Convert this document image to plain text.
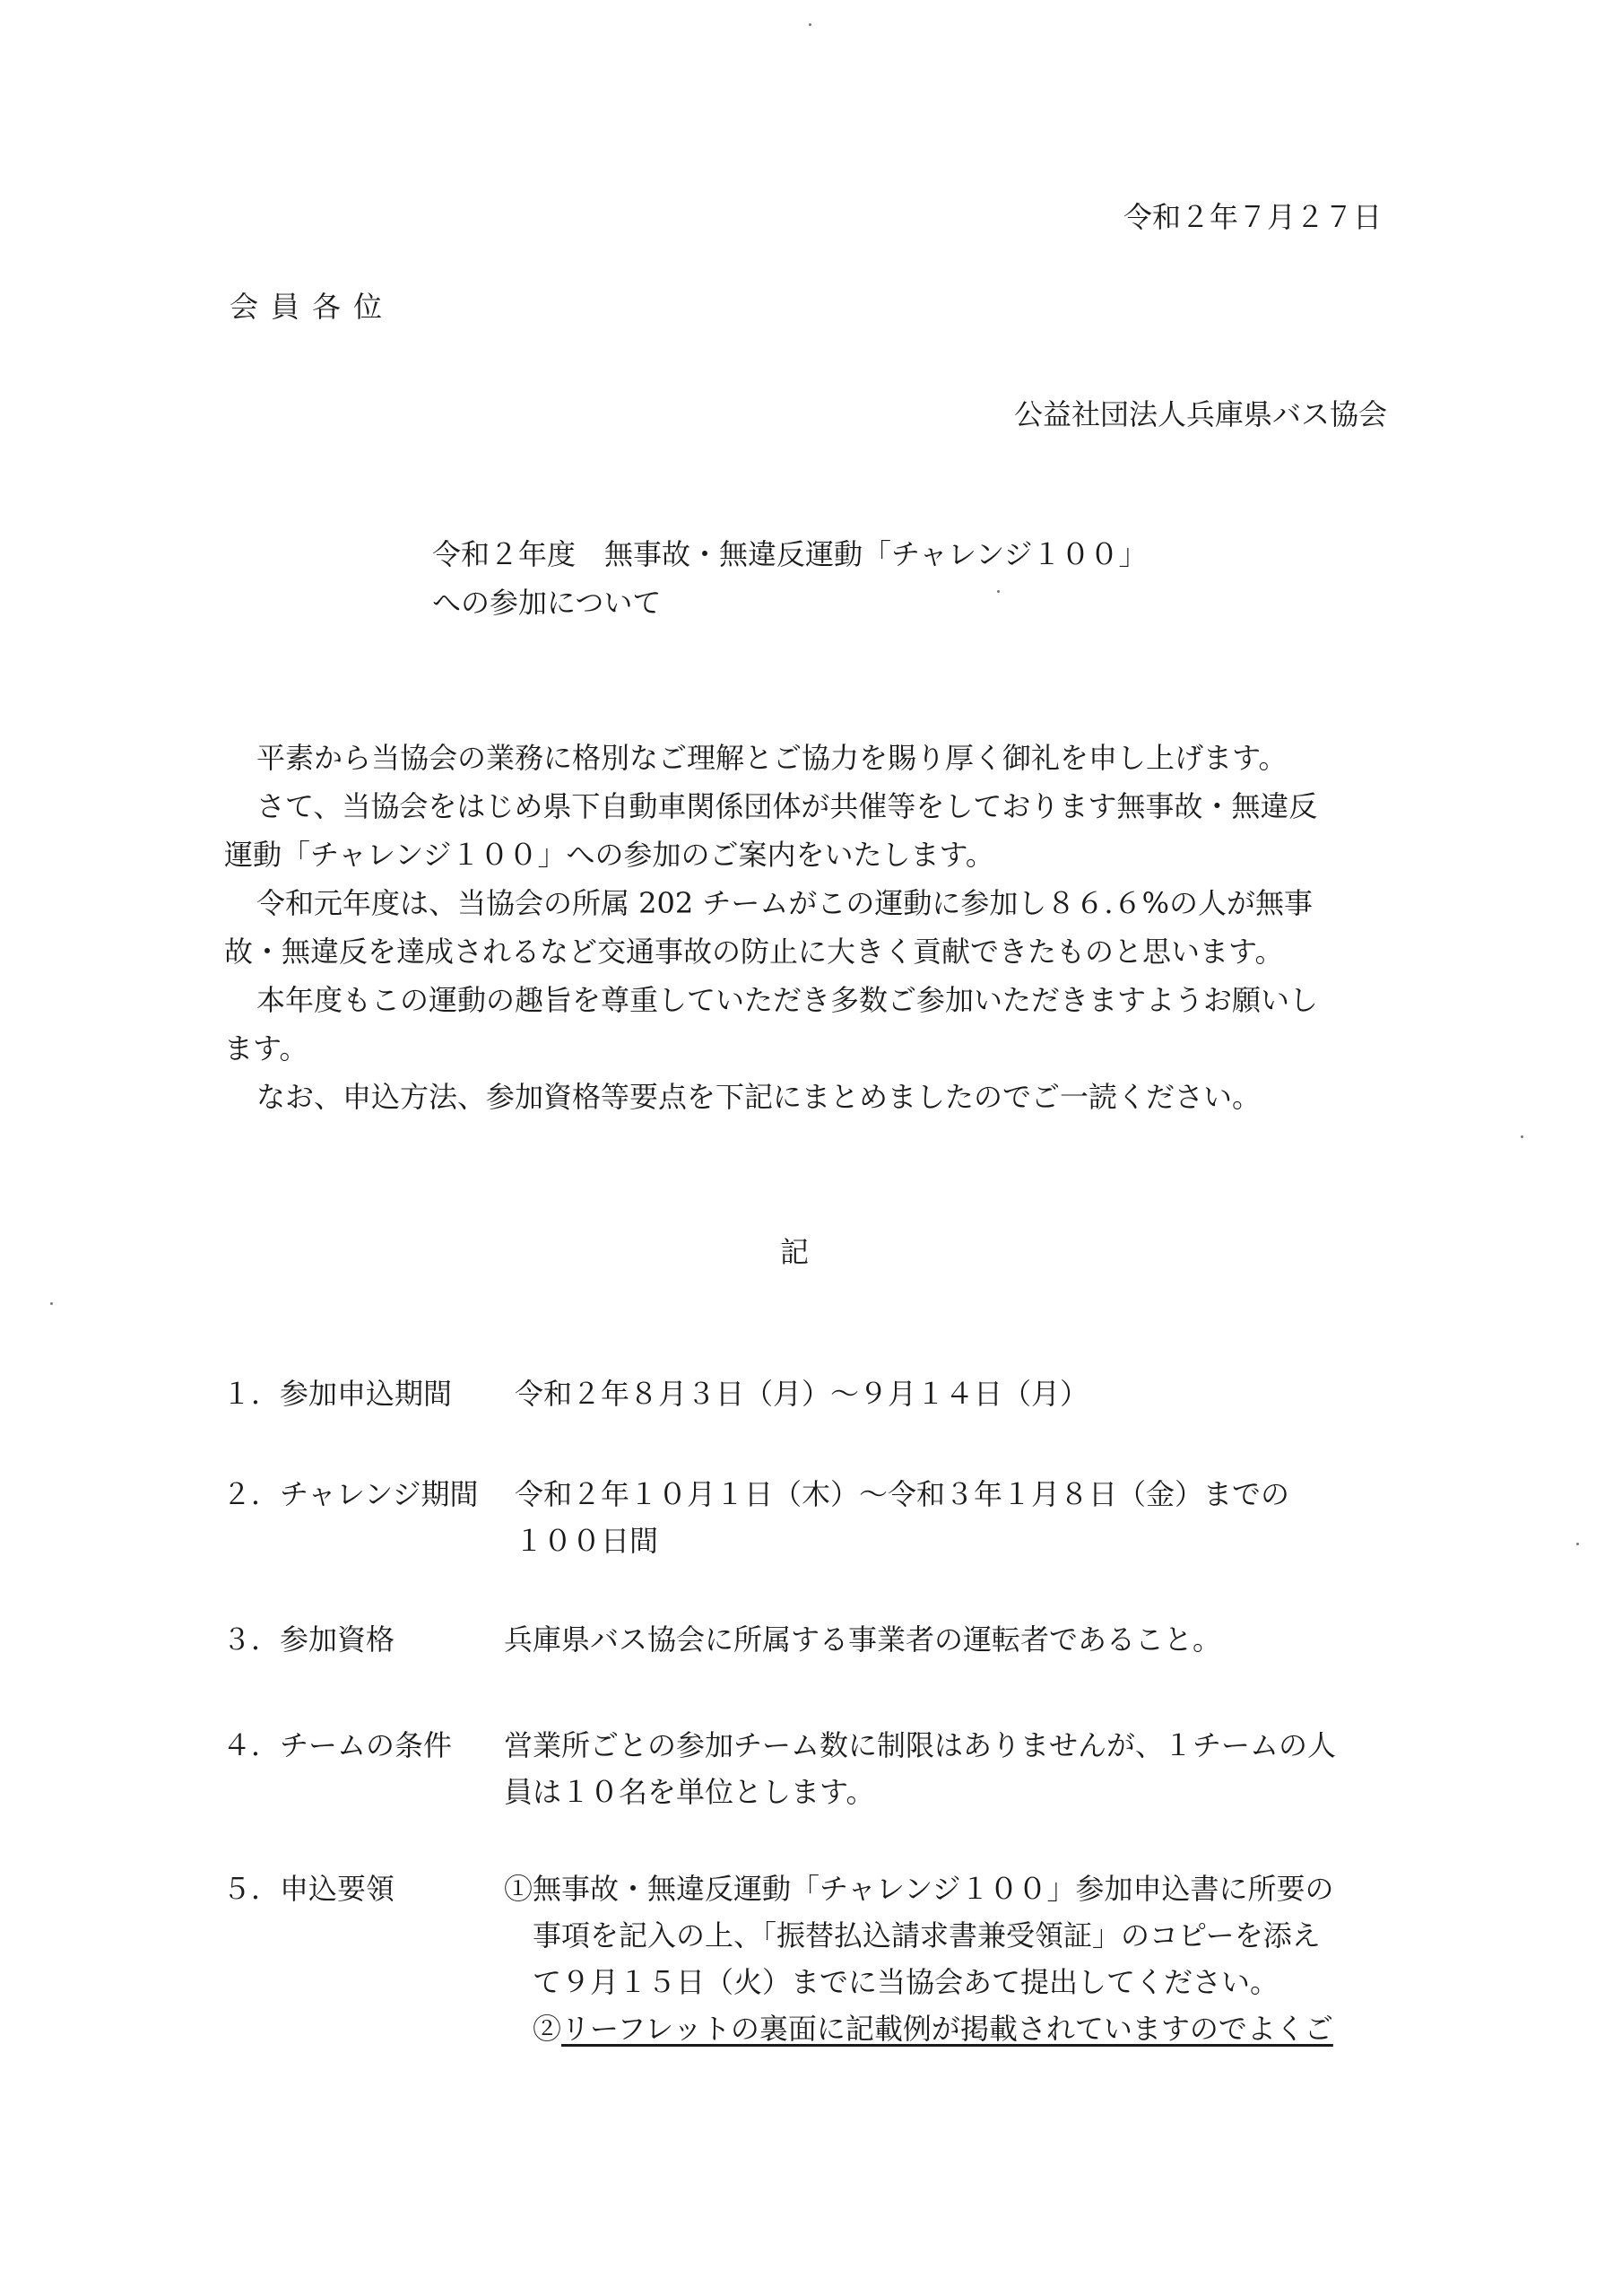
令和２年７月２７日
会員各位
公益社団法人兵庫県バス協会
令和２年度　無事故・無違反運動「チャレンジ１００」
への参加について
平素から当協会の業務に格別なご理解とご協力を賜り厚く御礼を申し上げます。
さて、当協会をはじめ県下自動車関係団体が共催等をしております無事故・無違反
運動「チャレンジ１００」への参加のご案内をいたします。
令和元年度は、当協会の所属 202 チームがこの運動に参加し８６.６%の人が無事
故・無違反を達成されるなど交通事故の防止に大きく貢献できたものと思います。
本年度もこの運動の趣旨を尊重していただき多数ご参加いただきますようお願いし
ます。
なお、申込方法、参加資格等要点を下記にまとめましたのでご一読ください。
記
１．参加申込期間 令和２年８月３日（月）～９月１４日（月）
２．チャレンジ期間 令和２年１０月１日（木）～令和３年１月８日（金）までの
１００日間
３．参加資格	兵庫県バス協会に所属する事業者の運転者であること。
４．チームの条件 営業所ごとの参加チーム数に制限はありませんが、１チームの人
員は１０名を単位とします。
５．申込要領	①無事故・無違反運動「チャレンジ１００」参加申込書に所要の
事項を記入の上、「振替払込請求書兼受領証」のコピーを添え
て９月１５日（火）までに当協会あて提出してください。
②リーフレットの裏面に記載例が掲載されていますのでよくご
